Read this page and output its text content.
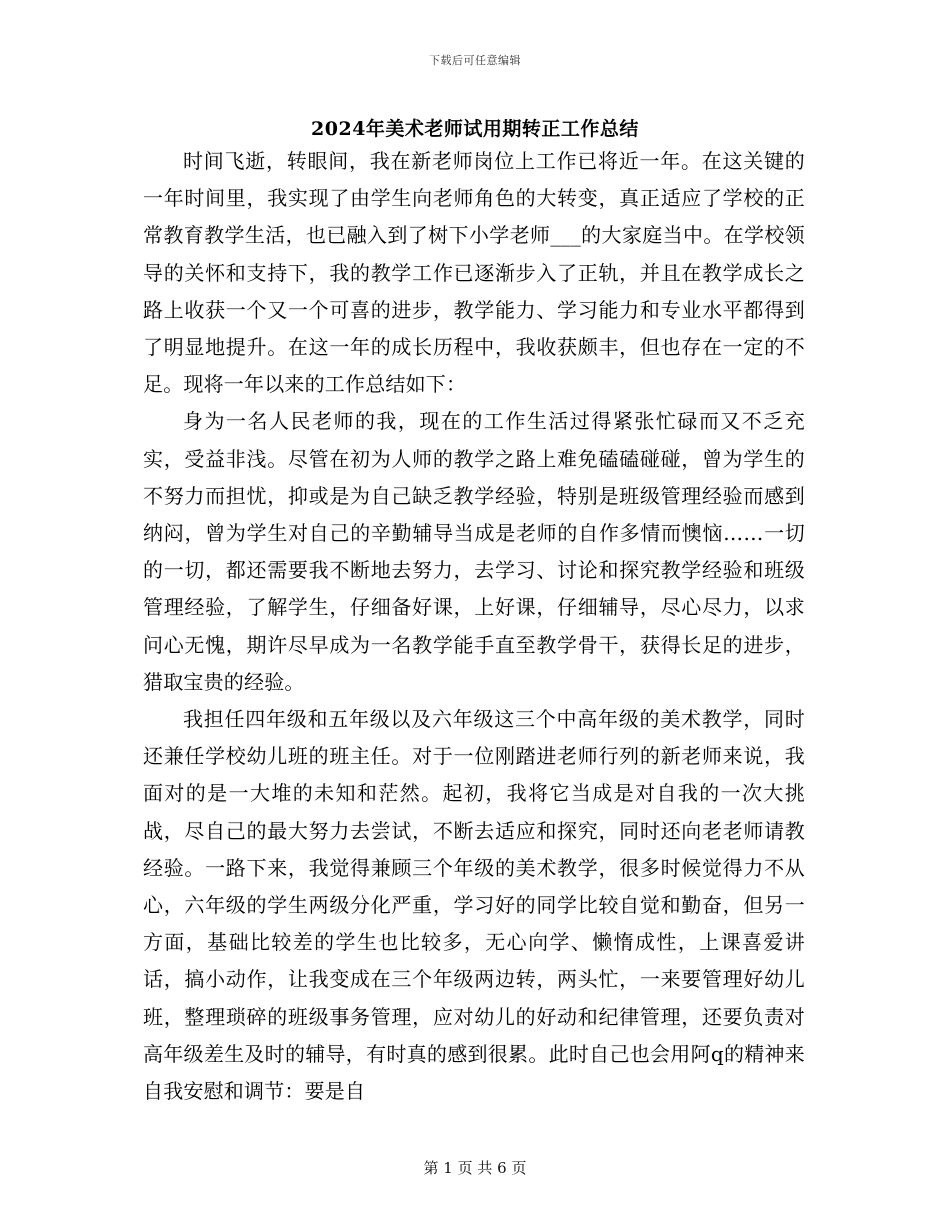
下载后可任意编辑
2024年美术老师试用期转正工作总结

时间飞逝，转眼间，我在新老师岗位上工作已将近一年。在这关键的一年时间里，我实现了由学生向老师角色的大转变，真正适应了学校的正常教育教学生活，也已融入到了树下小学老师___的大家庭当中。在学校领导的关怀和支持下，我的教学工作已逐渐步入了正轨，并且在教学成长之路上收获一个又一个可喜的进步，教学能力、学习能力和专业水平都得到了明显地提升。在这一年的成长历程中，我收获颇丰，但也存在一定的不足。现将一年以来的工作总结如下：

身为一名人民老师的我，现在的工作生活过得紧张忙碌而又不乏充实，受益非浅。尽管在初为人师的教学之路上难免磕磕碰碰，曾为学生的不努力而担忧，抑或是为自己缺乏教学经验，特别是班级管理经验而感到纳闷，曾为学生对自己的辛勤辅导当成是老师的自作多情而懊恼……一切的一切，都还需要我不断地去努力，去学习、讨论和探究教学经验和班级管理经验，了解学生，仔细备好课，上好课，仔细辅导，尽心尽力，以求问心无愧，期许尽早成为一名教学能手直至教学骨干，获得长足的进步，猎取宝贵的经验。

我担任四年级和五年级以及六年级这三个中高年级的美术教学，同时还兼任学校幼儿班的班主任。对于一位刚踏进老师行列的新老师来说，我面对的是一大堆的未知和茫然。起初，我将它当成是对自我的一次大挑战，尽自己的最大努力去尝试，不断去适应和探究，同时还向老老师请教经验。一路下来，我觉得兼顾三个年级的美术教学，很多时候觉得力不从心，六年级的学生两级分化严重，学习好的同学比较自觉和勤奋，但另一方面，基础比较差的学生也比较多，无心向学、懒惰成性，上课喜爱讲话，搞小动作，让我变成在三个年级两边转，两头忙，一来要管理好幼儿班，整理琐碎的班级事务管理，应对幼儿的好动和纪律管理，还要负责对高年级差生及时的辅导，有时真的感到很累。此时自己也会用阿q的精神来自我安慰和调节：要是自

第 1 页 共 6 页
